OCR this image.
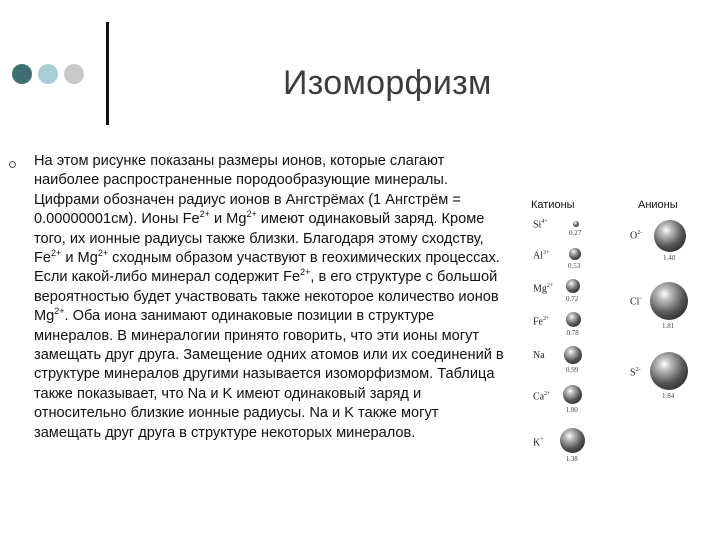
Изоморфизм
На этом рисунке показаны размеры ионов, которые слагают наиболее распространенные породообразующие минералы. Цифрами обозначен радиус ионов в Ангстрёмах (1 Ангстрём = 0.00000001см). Ионы $Fe^{2+}$ и $Mg^{2+}$ имеют одинаковый заряд. Кроме того, их ионные радиусы также близки. Благодаря этому сходству, $Fe^{2+}$ и $Mg^{2+}$ сходным образом участвуют в геохимических процессах. Если какой-либо минерал содержит $Fe^{2+}$, в его структуре с большой вероятностью будет участвовать также некоторое количество ионов $Mg^{2+}$. Оба иона занимают одинаковые позиции в структуре минералов. В минералогии принято говорить, что эти ионы могут замещать друг друга. Замещение одних атомов или их соединений в структуре минералов другими называется изоморфизмом. Таблица также показывает, что Na и K имеют одинаковый заряд и относительно близкие ионные радиусы. Na и K также могут замещать друг друга в структуре некоторых минералов.
Катионы	Анионы
$Si^{4+}$
0.27
$Al^{3+}$
0.53
$Mg^{2+}$
0.72
$Fe^{2+}$
0.78
Na
0.99
$Ca^{2+}$
1.00
K+
1.38
$O^{2-}$
1.40
Cl-
1.81
$S^{2-}$
1.84
